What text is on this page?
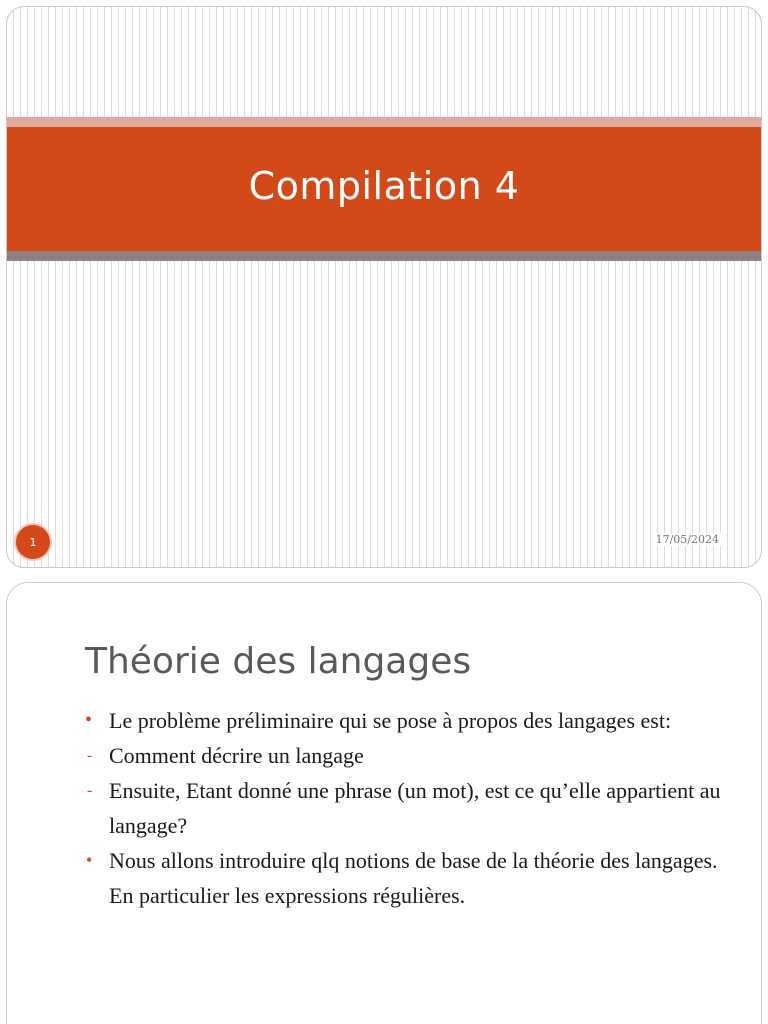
Compilation 4
1	17/05/2024
Théorie des langages
• Le problème préliminaire qui se pose à propos des langages est:
- Comment décrire un langage
- Ensuite, Etant donné une phrase (un mot), est ce qu’elle appartient au langage?
• Nous allons introduire qlq notions de base de la théorie des langages. En particulier les expressions régulières.
